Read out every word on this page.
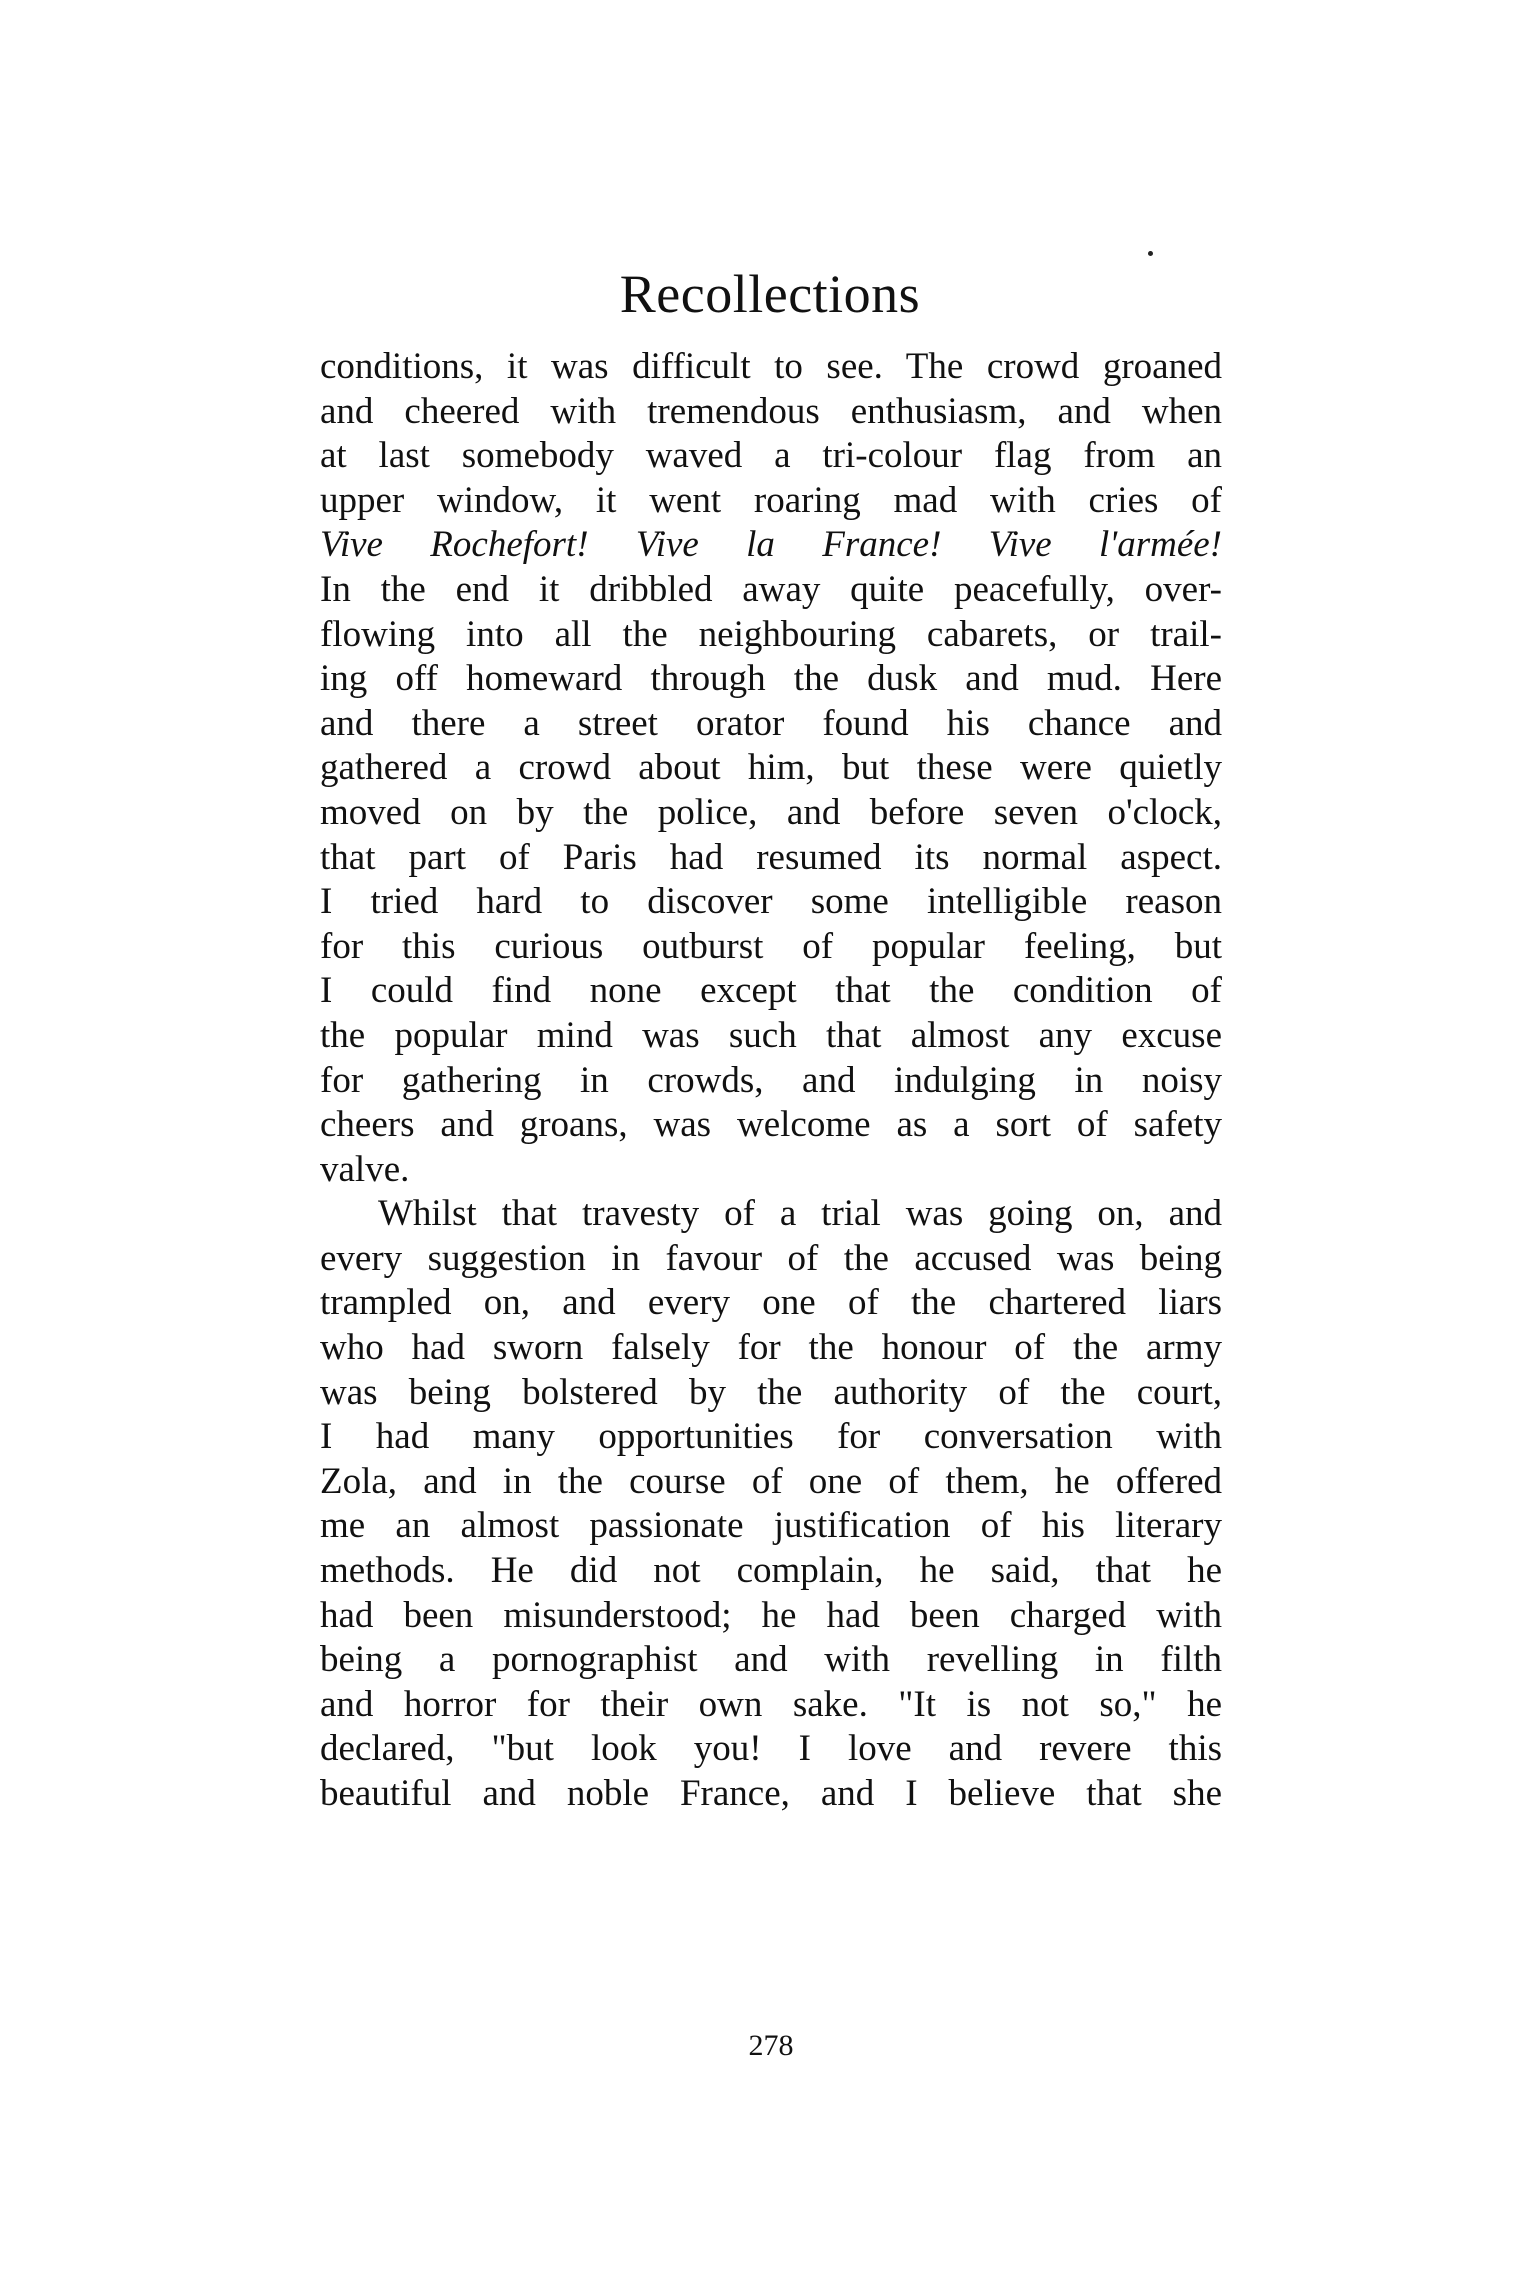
Recollections
conditions, it was difficult to see. The crowd groaned
and cheered with tremendous enthusiasm, and when
at last somebody waved a tri-colour flag from an
upper window, it went roaring mad with cries of
Vive Rochefort! Vive la France! Vive l'armée!
In the end it dribbled away quite peacefully, over-
flowing into all the neighbouring cabarets, or trail-
ing off homeward through the dusk and mud. Here
and there a street orator found his chance and
gathered a crowd about him, but these were quietly
moved on by the police, and before seven o'clock,
that part of Paris had resumed its normal aspect.
I tried hard to discover some intelligible reason
for this curious outburst of popular feeling, but
I could find none except that the condition of
the popular mind was such that almost any excuse
for gathering in crowds, and indulging in noisy
cheers and groans, was welcome as a sort of safety
valve.
Whilst that travesty of a trial was going on, and
every suggestion in favour of the accused was being
trampled on, and every one of the chartered liars
who had sworn falsely for the honour of the army
was being bolstered by the authority of the court,
I had many opportunities for conversation with
Zola, and in the course of one of them, he offered
me an almost passionate justification of his literary
methods. He did not complain, he said, that he
had been misunderstood; he had been charged with
being a pornographist and with revelling in filth
and horror for their own sake. "It is not so," he
declared, "but look you! I love and revere this
beautiful and noble France, and I believe that she
278
